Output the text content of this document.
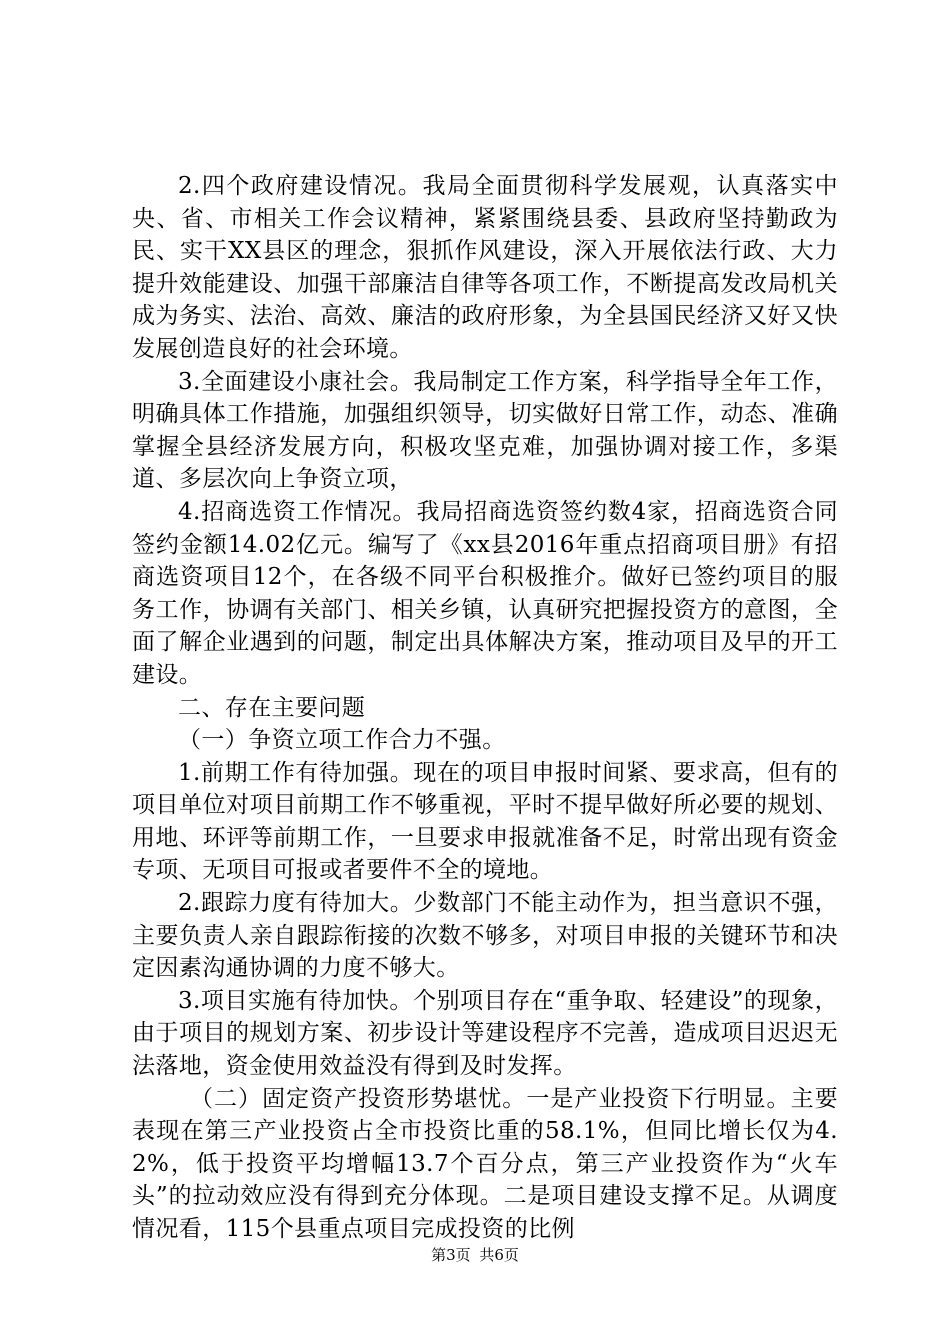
2.四个政府建设情况。我局全面贯彻科学发展观，认真落实中央、省、市相关工作会议精神，紧紧围绕县委、县政府坚持勤政为民、实干XX县区的理念，狠抓作风建设，深入开展依法行政、大力提升效能建设、加强干部廉洁自律等各项工作，不断提高发改局机关成为务实、法治、高效、廉洁的政府形象，为全县国民经济又好又快发展创造良好的社会环境。

3.全面建设小康社会。我局制定工作方案，科学指导全年工作，明确具体工作措施，加强组织领导，切实做好日常工作，动态、准确掌握全县经济发展方向，积极攻坚克难，加强协调对接工作，多渠道、多层次向上争资立项，

4.招商选资工作情况。我局招商选资签约数4家，招商选资合同签约金额14.02亿元。编写了《xx县2016年重点招商项目册》有招商选资项目12个，在各级不同平台积极推介。做好已签约项目的服务工作，协调有关部门、相关乡镇，认真研究把握投资方的意图，全面了解企业遇到的问题，制定出具体解决方案，推动项目及早的开工建设。

二、存在主要问题

（一）争资立项工作合力不强。

1.前期工作有待加强。现在的项目申报时间紧、要求高，但有的项目单位对项目前期工作不够重视，平时不提早做好所必要的规划、用地、环评等前期工作，一旦要求申报就准备不足，时常出现有资金专项、无项目可报或者要件不全的境地。

2.跟踪力度有待加大。少数部门不能主动作为，担当意识不强，主要负责人亲自跟踪衔接的次数不够多，对项目申报的关键环节和决定因素沟通协调的力度不够大。

3.项目实施有待加快。个别项目存在“重争取、轻建设”的现象，由于项目的规划方案、初步设计等建设程序不完善，造成项目迟迟无法落地，资金使用效益没有得到及时发挥。

（二）固定资产投资形势堪忧。一是产业投资下行明显。主要表现在第三产业投资占全市投资比重的58.1%，但同比增长仅为4.2%，低于投资平均增幅13.7个百分点，第三产业投资作为“火车头”的拉动效应没有得到充分体现。二是项目建设支撑不足。从调度情况看，115个县重点项目完成投资的比例

第3页 共6页
